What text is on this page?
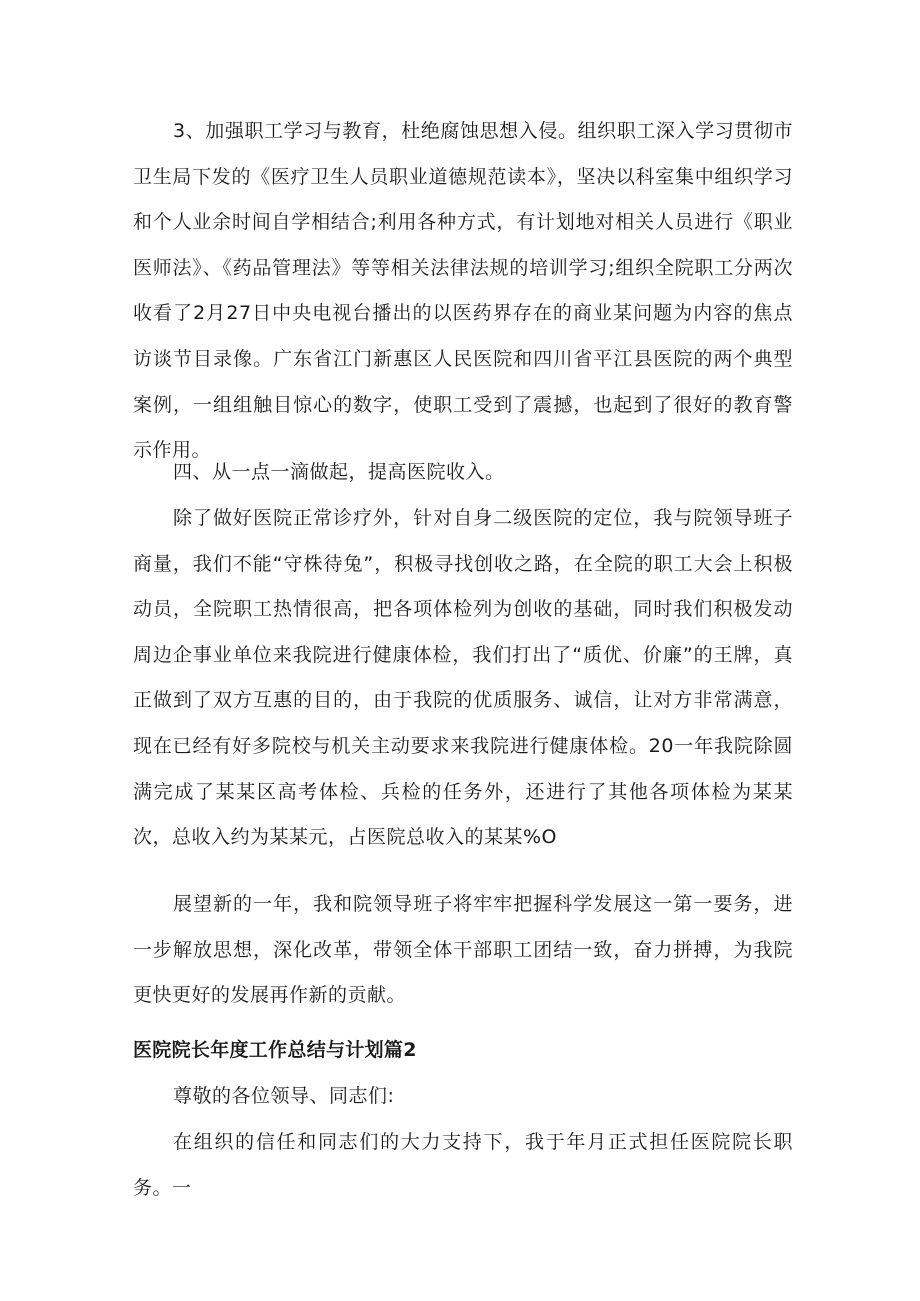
3、加强职工学习与教育，杜绝腐蚀思想入侵。组织职工深入学习贯彻市卫生局下发的《医疗卫生人员职业道德规范读本》，坚决以科室集中组织学习和个人业余时间自学相结合;利用各种方式，有计划地对相关人员进行《职业医师法》、《药品管理法》等等相关法律法规的培训学习;组织全院职工分两次收看了2月27日中央电视台播出的以医药界存在的商业某问题为内容的焦点访谈节目录像。广东省江门新惠区人民医院和四川省平江县医院的两个典型案例，一组组触目惊心的数字，使职工受到了震撼，也起到了很好的教育警示作用。

四、从一点一滴做起，提高医院收入。

除了做好医院正常诊疗外，针对自身二级医院的定位，我与院领导班子商量，我们不能“守株待兔”，积极寻找创收之路，在全院的职工大会上积极动员，全院职工热情很高，把各项体检列为创收的基础，同时我们积极发动周边企事业单位来我院进行健康体检，我们打出了“质优、价廉”的王牌，真正做到了双方互惠的目的，由于我院的优质服务、诚信，让对方非常满意，现在已经有好多院校与机关主动要求来我院进行健康体检。20一年我院除圆满完成了某某区高考体检、兵检的任务外，还进行了其他各项体检为某某次，总收入约为某某元，占医院总收入的某某%O

展望新的一年，我和院领导班子将牢牢把握科学发展这一第一要务，进一步解放思想，深化改革，带领全体干部职工团结一致，奋力拼搏，为我院更快更好的发展再作新的贡献。

医院院长年度工作总结与计划篇2

尊敬的各位领导、同志们:

在组织的信任和同志们的大力支持下，我于年月正式担任医院院长职务。一
